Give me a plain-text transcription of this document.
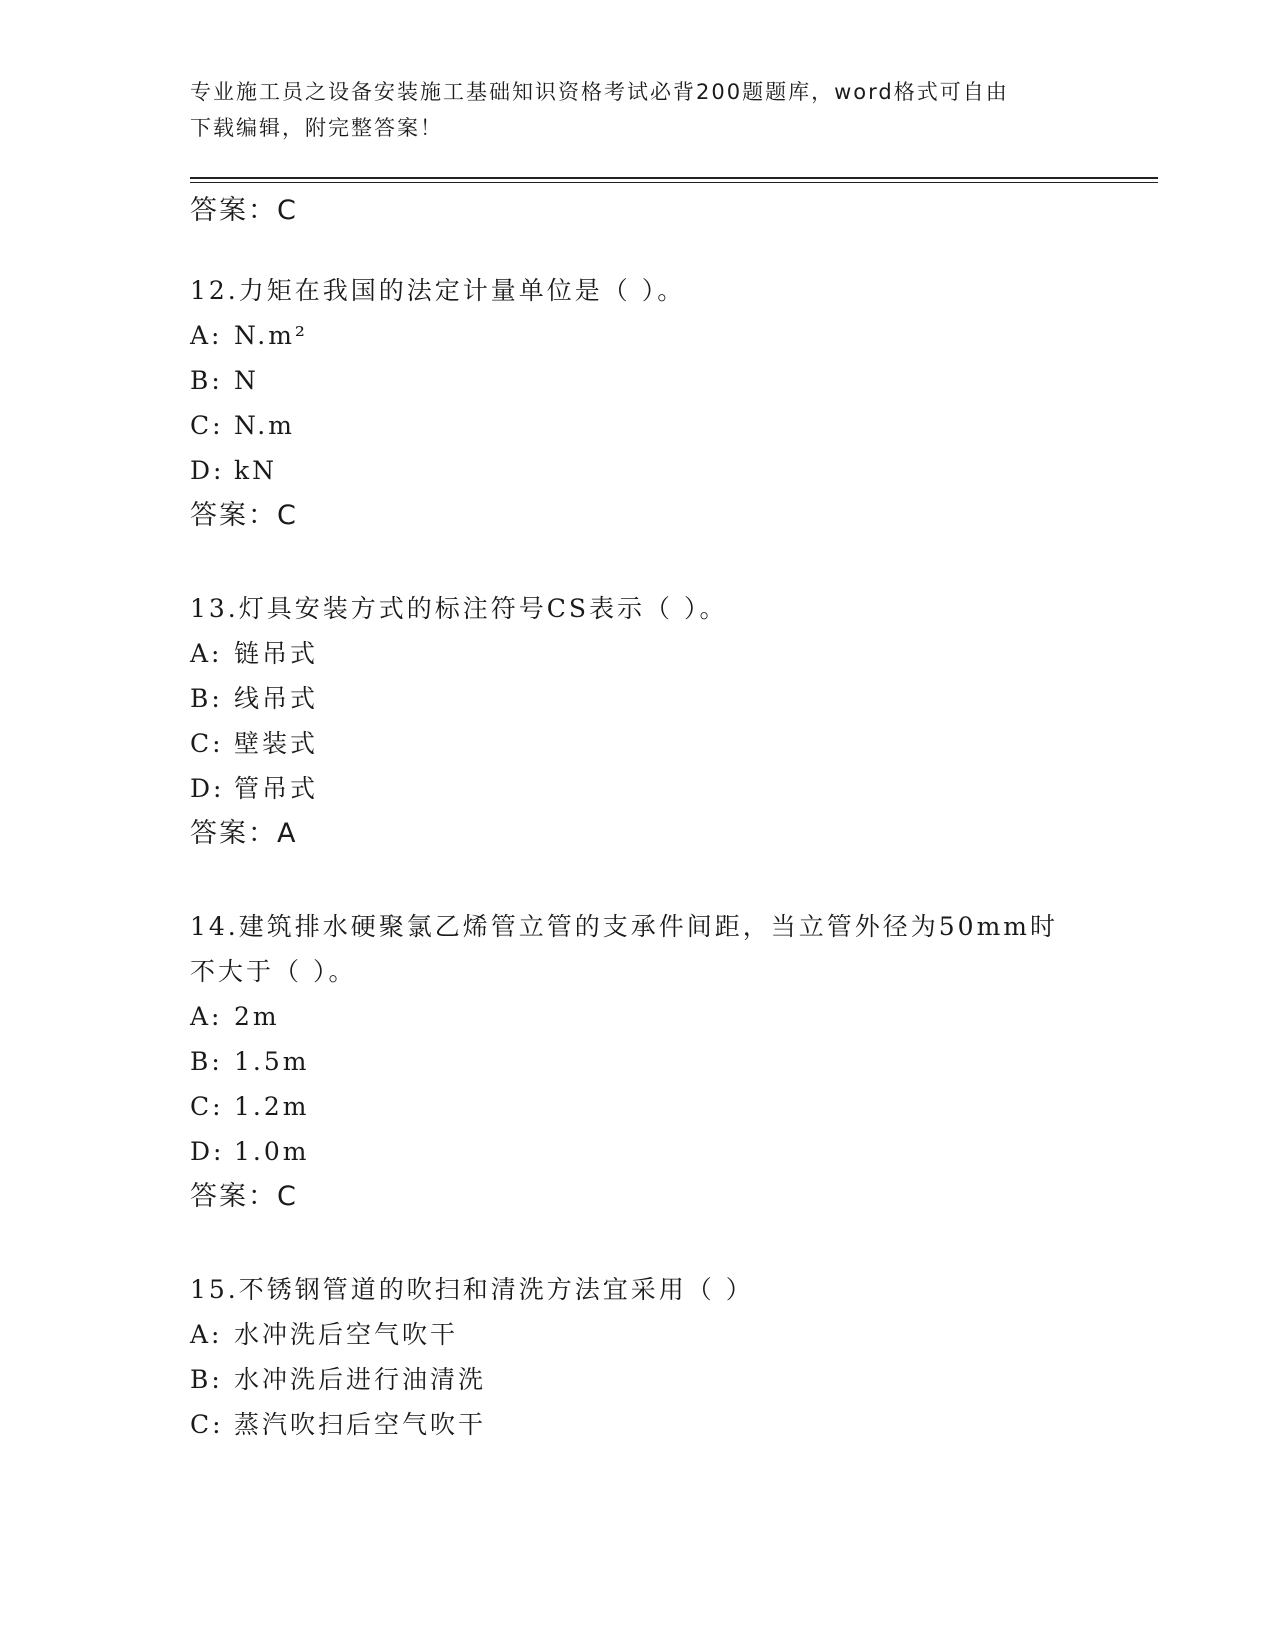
专业施工员之设备安装施工基础知识资格考试必背200题题库，word格式可自由
下载编辑，附完整答案！
答案：C
12.力矩在我国的法定计量单位是（ ）。
A: N.m²
B: N
C: N.m
D: kN
答案：C
13.灯具安装方式的标注符号CS表示（ ）。
A: 链吊式
B: 线吊式
C: 壁装式
D: 管吊式
答案：A
14.建筑排水硬聚氯乙烯管立管的支承件间距，当立管外径为50mm时
不大于（ ）。
A: 2m
B: 1.5m
C: 1.2m
D: 1.0m
答案：C
15.不锈钢管道的吹扫和清洗方法宜采用（ ）
A: 水冲洗后空气吹干
B: 水冲洗后进行油清洗
C: 蒸汽吹扫后空气吹干
